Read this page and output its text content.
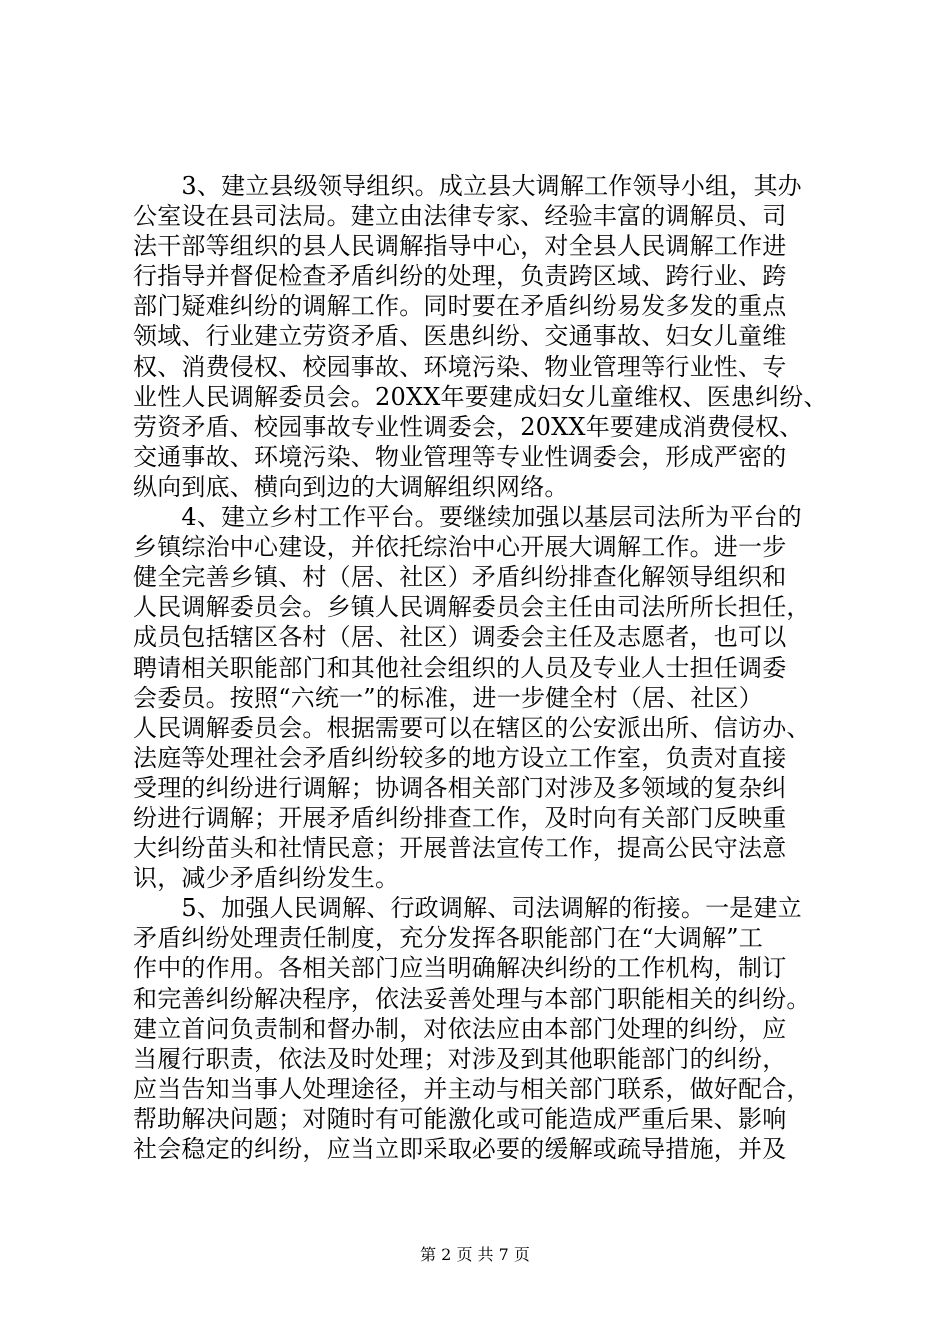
　　3、建立县级领导组织。成立县大调解工作领导小组，其办
公室设在县司法局。建立由法律专家、经验丰富的调解员、司
法干部等组织的县人民调解指导中心，对全县人民调解工作进
行指导并督促检查矛盾纠纷的处理，负责跨区域、跨行业、跨
部门疑难纠纷的调解工作。同时要在矛盾纠纷易发多发的重点
领域、行业建立劳资矛盾、医患纠纷、交通事故、妇女儿童维
权、消费侵权、校园事故、环境污染、物业管理等行业性、专
业性人民调解委员会。20XX年要建成妇女儿童维权、医患纠纷、
劳资矛盾、校园事故专业性调委会，20XX年要建成消费侵权、
交通事故、环境污染、物业管理等专业性调委会，形成严密的
纵向到底、横向到边的大调解组织网络。

　　4、建立乡村工作平台。要继续加强以基层司法所为平台的
乡镇综治中心建设，并依托综治中心开展大调解工作。进一步
健全完善乡镇、村（居、社区）矛盾纠纷排查化解领导组织和
人民调解委员会。乡镇人民调解委员会主任由司法所所长担任，
成员包括辖区各村（居、社区）调委会主任及志愿者，也可以
聘请相关职能部门和其他社会组织的人员及专业人士担任调委
会委员。按照“六统一”的标准，进一步健全村（居、社区）
人民调解委员会。根据需要可以在辖区的公安派出所、信访办、
法庭等处理社会矛盾纠纷较多的地方设立工作室，负责对直接
受理的纠纷进行调解；协调各相关部门对涉及多领域的复杂纠
纷进行调解；开展矛盾纠纷排查工作，及时向有关部门反映重
大纠纷苗头和社情民意；开展普法宣传工作，提高公民守法意
识，减少矛盾纠纷发生。

　　5、加强人民调解、行政调解、司法调解的衔接。一是建立
矛盾纠纷处理责任制度，充分发挥各职能部门在“大调解”工
作中的作用。各相关部门应当明确解决纠纷的工作机构，制订
和完善纠纷解决程序，依法妥善处理与本部门职能相关的纠纷。
建立首问负责制和督办制，对依法应由本部门处理的纠纷，应
当履行职责，依法及时处理；对涉及到其他职能部门的纠纷，
应当告知当事人处理途径，并主动与相关部门联系，做好配合，
帮助解决问题；对随时有可能激化或可能造成严重后果、影响
社会稳定的纠纷，应当立即采取必要的缓解或疏导措施，并及

第 2 页 共 7 页
